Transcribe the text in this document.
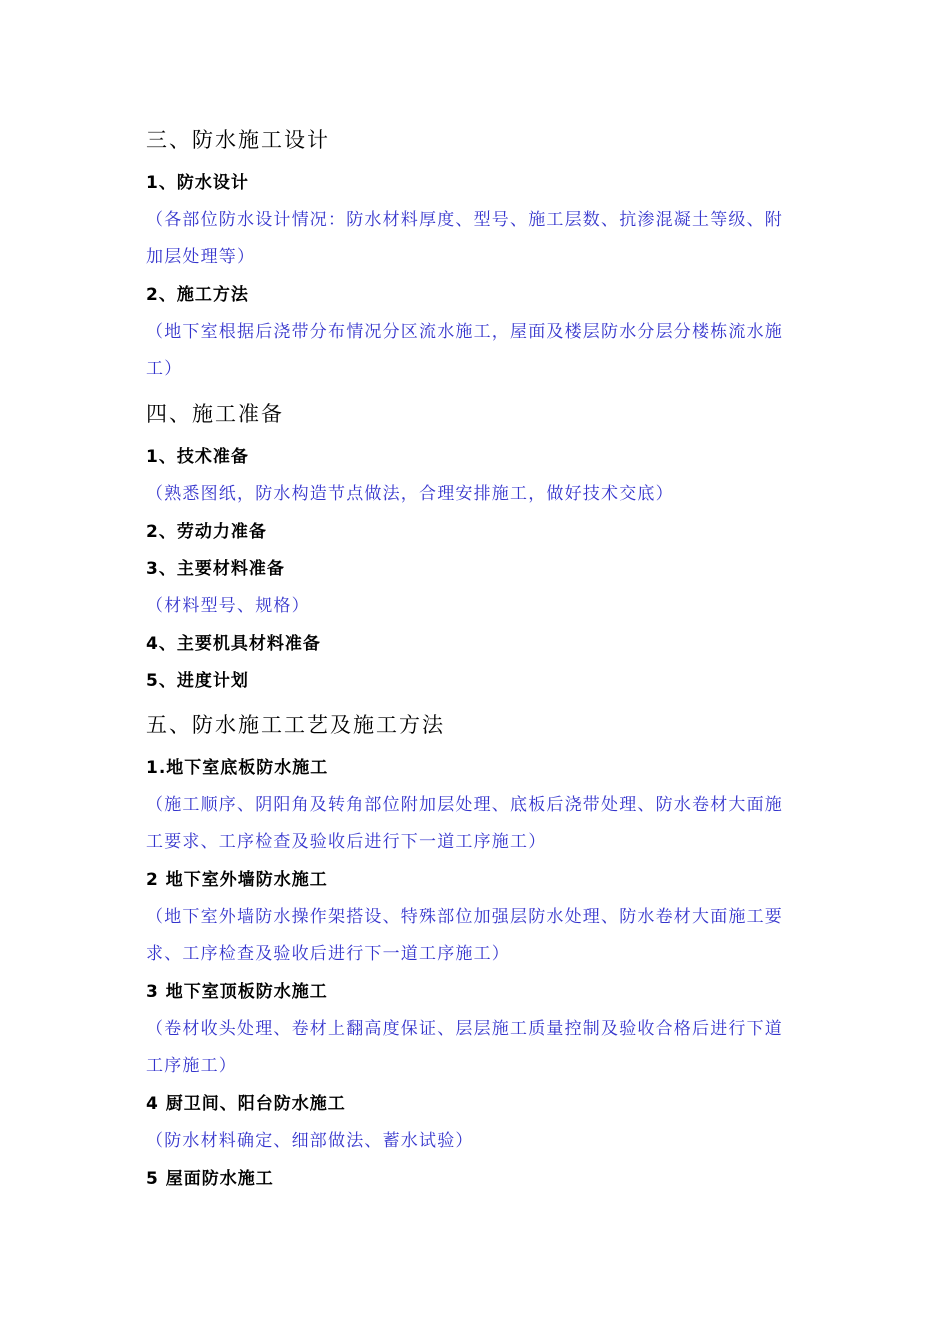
三、防水施工设计
1、防水设计
（各部位防水设计情况：防水材料厚度、型号、施工层数、抗渗混凝土等级、附
加层处理等）
2、施工方法
（地下室根据后浇带分布情况分区流水施工，屋面及楼层防水分层分楼栋流水施
工）
四、施工准备
1、技术准备
（熟悉图纸，防水构造节点做法，合理安排施工，做好技术交底）
2、劳动力准备
3、主要材料准备
（材料型号、规格）
4、主要机具材料准备
5、进度计划
五、防水施工工艺及施工方法
1.地下室底板防水施工
（施工顺序、阴阳角及转角部位附加层处理、底板后浇带处理、防水卷材大面施
工要求、工序检查及验收后进行下一道工序施工）
2 地下室外墙防水施工
（地下室外墙防水操作架搭设、特殊部位加强层防水处理、防水卷材大面施工要
求、工序检查及验收后进行下一道工序施工）
3 地下室顶板防水施工
（卷材收头处理、卷材上翻高度保证、层层施工质量控制及验收合格后进行下道
工序施工）
4 厨卫间、阳台防水施工
（防水材料确定、细部做法、蓄水试验）
5 屋面防水施工
